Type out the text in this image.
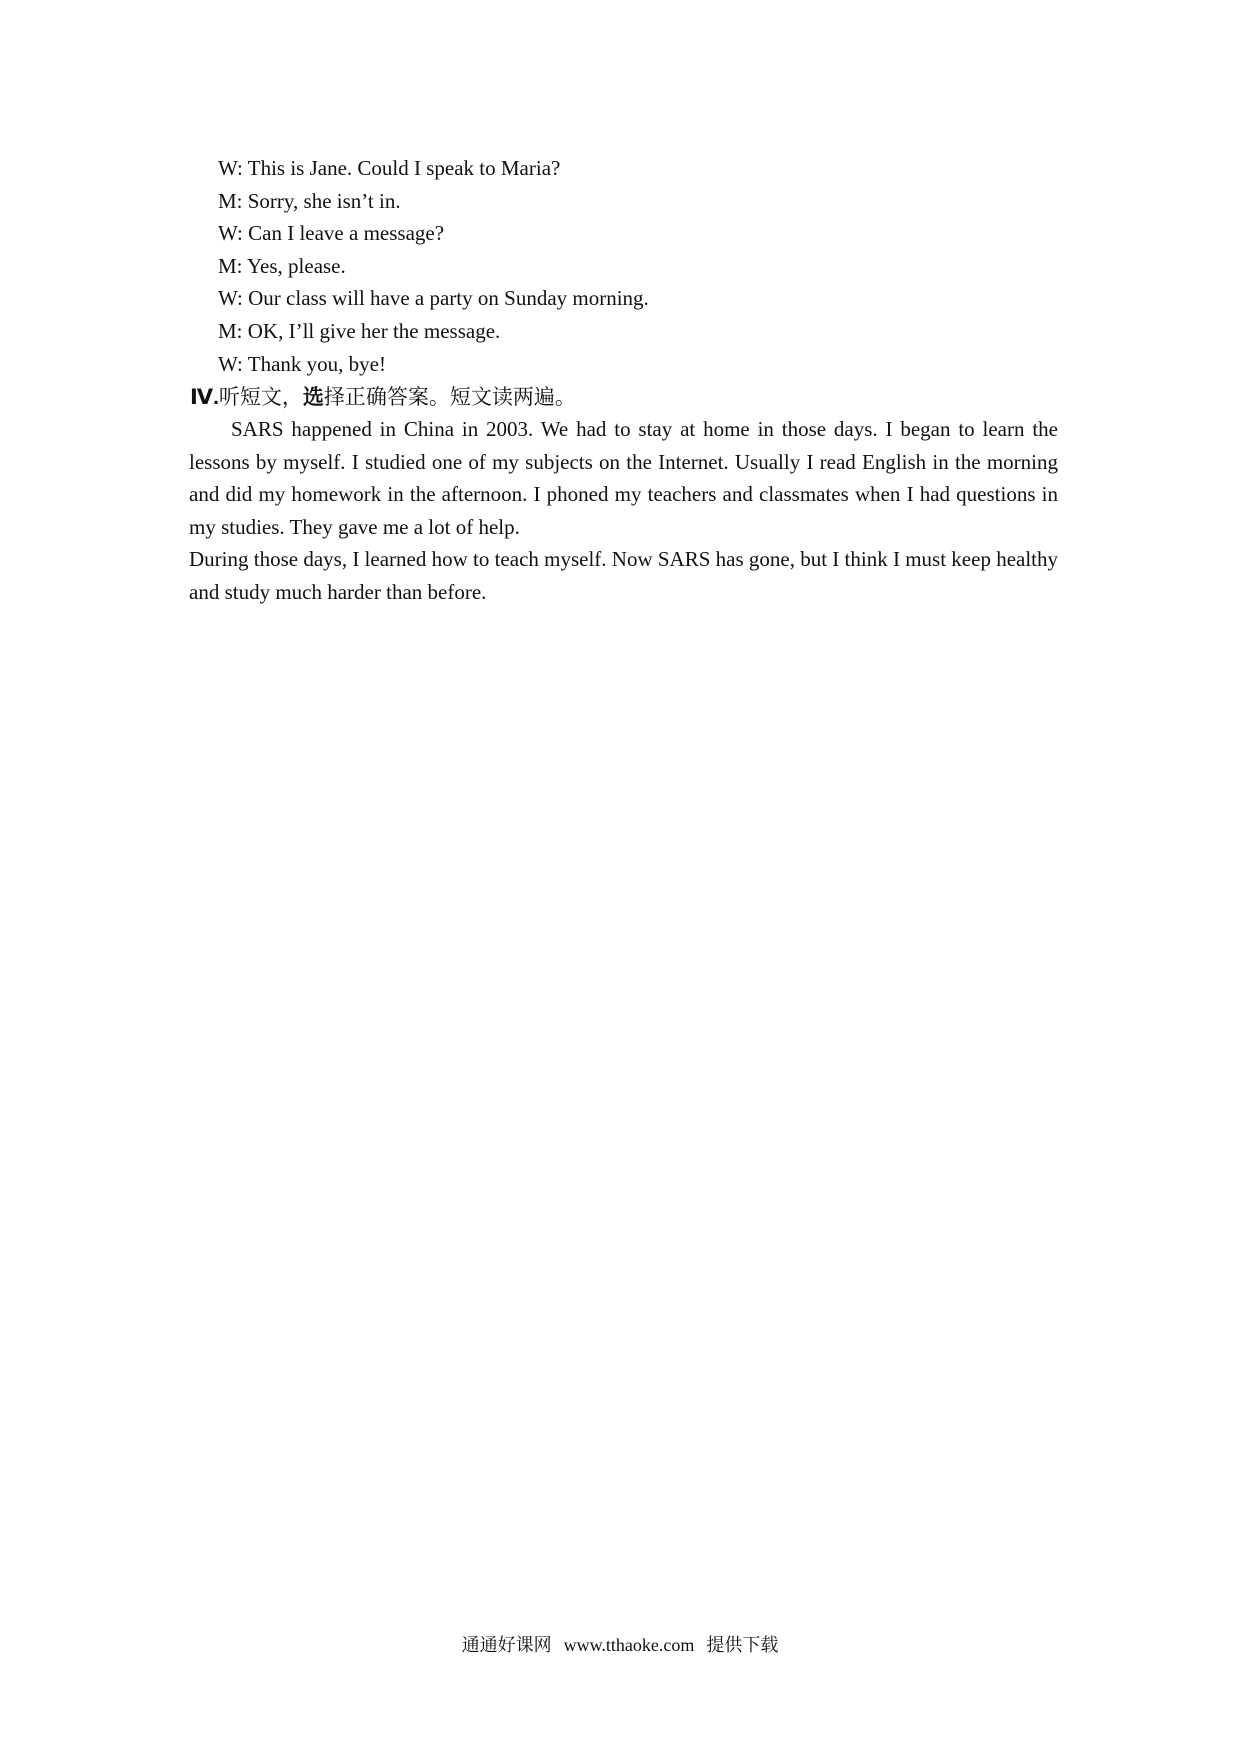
W: This is Jane. Could I speak to Maria?
M: Sorry, she isn’t in.
W: Can I leave a message?
M: Yes, please.
W: Our class will have a party on Sunday morning.
M: OK, I’ll give her the message.
W: Thank you, bye!
Ⅳ.听短文，选择正确答案。短文读两遍。

SARS happened in China in 2003. We had to stay at home in those days. I began to learn the lessons by myself. I studied one of my subjects on the Internet. Usually I read English in the morning and did my homework in the afternoon. I phoned my teachers and classmates when I had questions in my studies. They gave me a lot of help.

During those days, I learned how to teach myself. Now SARS has gone, but I think I must keep healthy and study much harder than before.

通通好课网 www.tthaoke.com 提供下载
